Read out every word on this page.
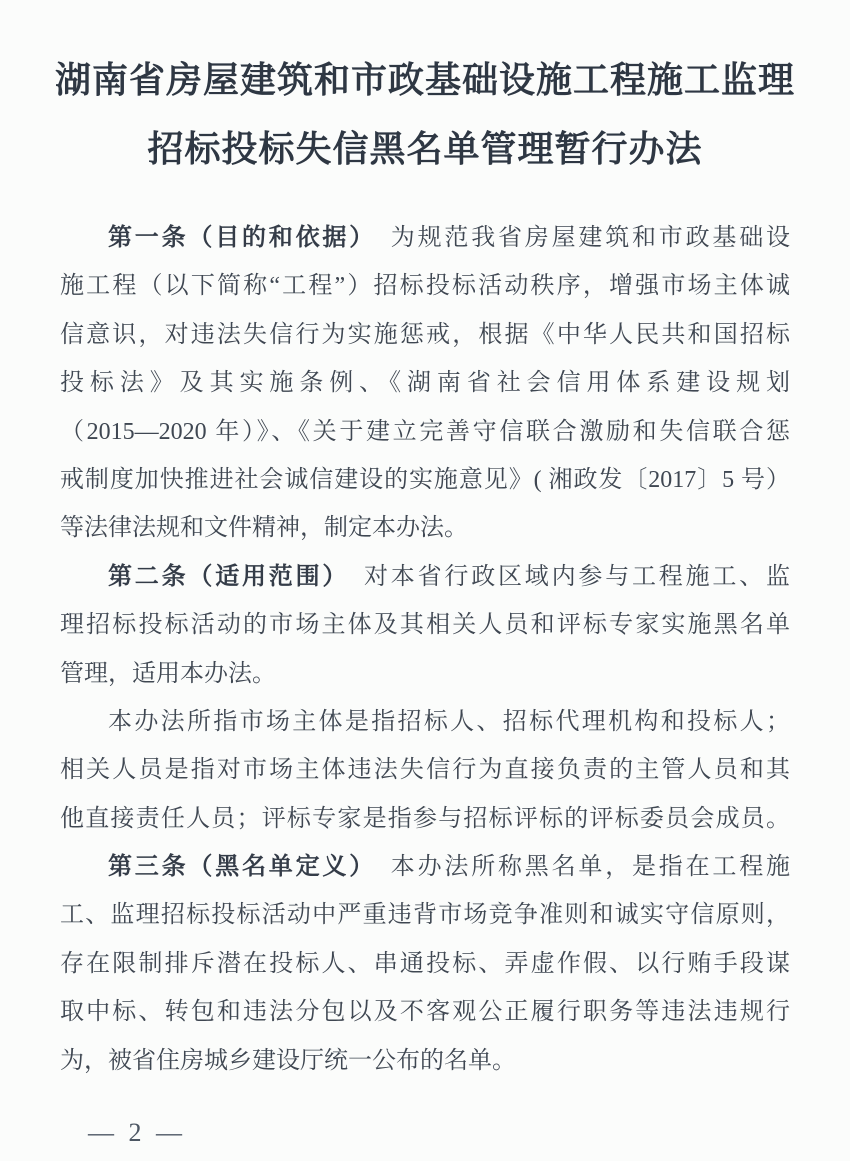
湖南省房屋建筑和市政基础设施工程施工监理
招标投标失信黑名单管理暂行办法
第一条（目的和依据）　为规范我省房屋建筑和市政基础设
施工程（以下简称“工程”）招标投标活动秩序，增强市场主体诚
信意识，对违法失信行为实施惩戒，根据《中华人民共和国招标
投标法》及其实施条例、《湖南省社会信用体系建设规划
（2015—2020 年）》、《关于建立完善守信联合激励和失信联合惩
戒制度加快推进社会诚信建设的实施意见》( 湘政发〔2017〕5 号）
等法律法规和文件精神，制定本办法。
第二条（适用范围）　对本省行政区域内参与工程施工、监
理招标投标活动的市场主体及其相关人员和评标专家实施黑名单
管理，适用本办法。
本办法所指市场主体是指招标人、招标代理机构和投标人；
相关人员是指对市场主体违法失信行为直接负责的主管人员和其
他直接责任人员；评标专家是指参与招标评标的评标委员会成员。
第三条（黑名单定义）　本办法所称黑名单，是指在工程施
工、监理招标投标活动中严重违背市场竞争准则和诚实守信原则，
存在限制排斥潜在投标人、串通投标、弄虚作假、以行贿手段谋
取中标、转包和违法分包以及不客观公正履行职务等违法违规行
为，被省住房城乡建设厅统一公布的名单。
— 2 —
